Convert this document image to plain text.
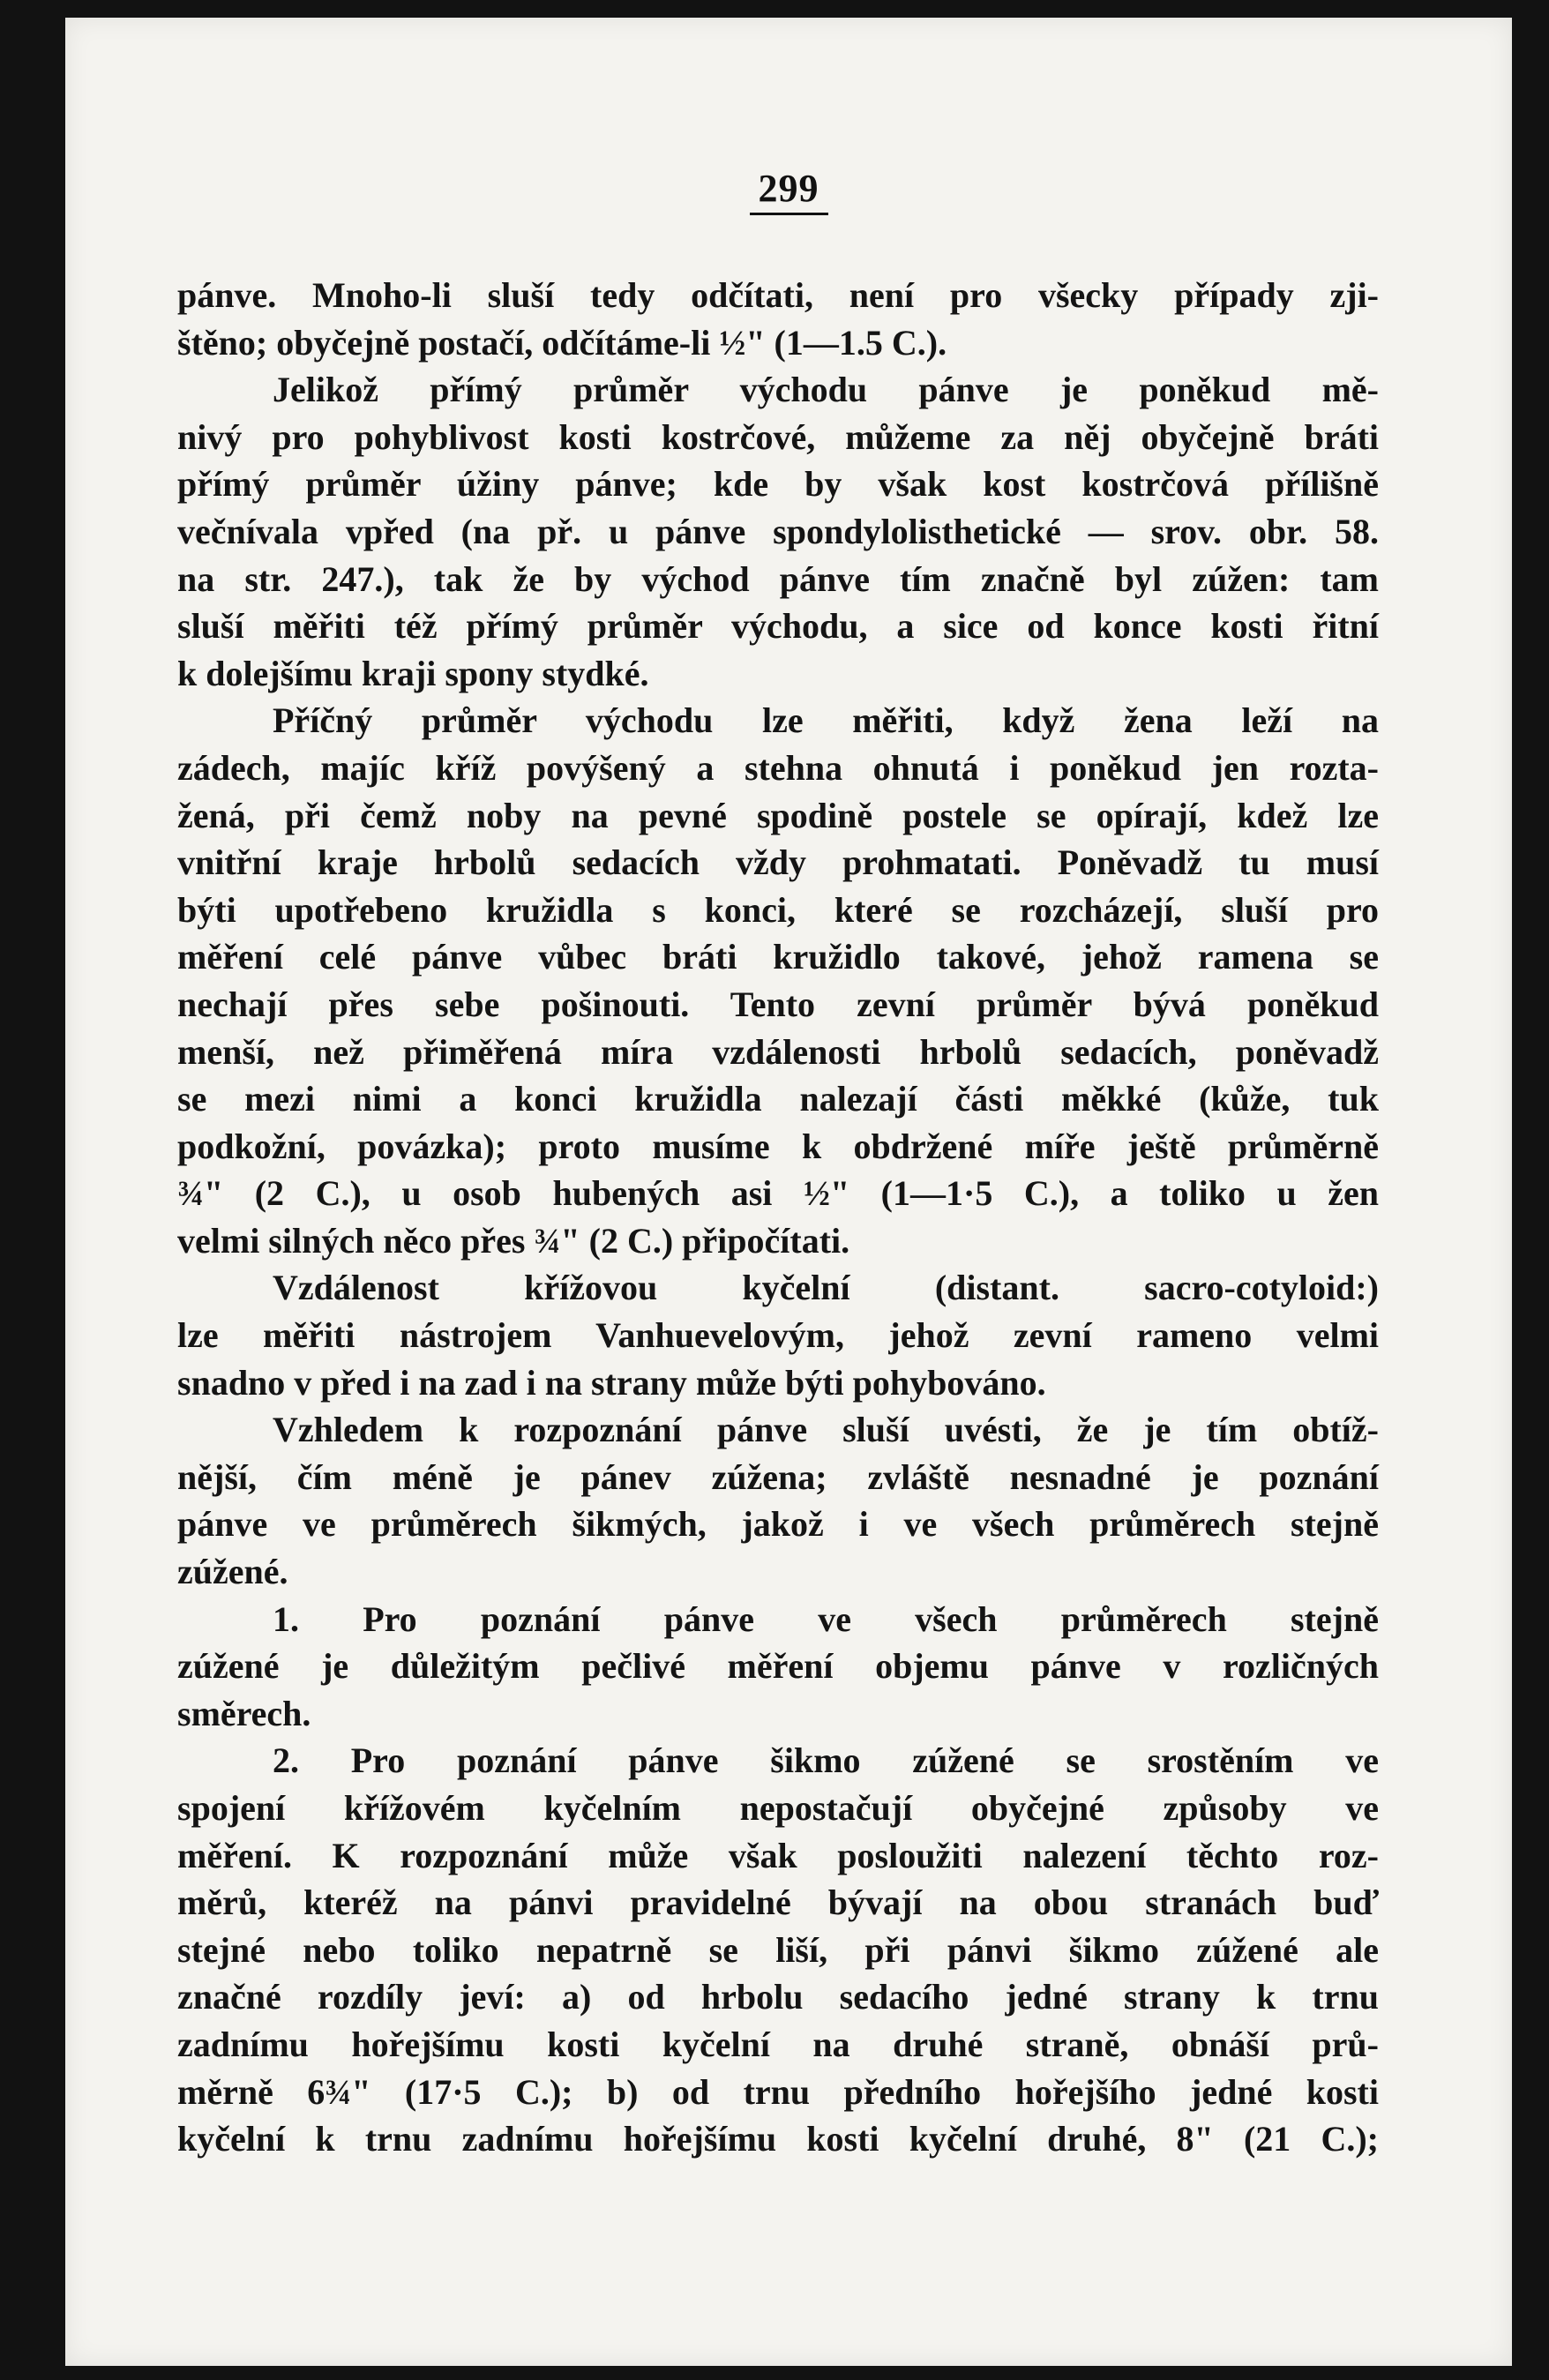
299
pánve. Mnoho-li sluší tedy odčítati, není pro všecky případy zji-
štěno; obyčejně postačí, odčítáme-li ½" (1—1.5 C.).
Jelikož přímý průměr východu pánve je poněkud mě-
nivý pro pohyblivost kosti kostrčové, můžeme za něj obyčejně bráti
přímý průměr úžiny pánve; kde by však kost kostrčová přílišně
večnívala vpřed (na př. u pánve spondylolisthetické — srov. obr. 58.
na str. 247.), tak že by východ pánve tím značně byl zúžen: tam
sluší měřiti též přímý průměr východu, a sice od konce kosti řitní
k dolejšímu kraji spony stydké.
Příčný průměr východu lze měřiti, když žena leží na
zádech, majíc kříž povýšený a stehna ohnutá i poněkud jen rozta-
žená, při čemž noby na pevné spodině postele se opírají, kdež lze
vnitřní kraje hrbolů sedacích vždy prohmatati. Poněvadž tu musí
býti upotřebeno kružidla s konci, které se rozcházejí, sluší pro
měření celé pánve vůbec bráti kružidlo takové, jehož ramena se
nechají přes sebe pošinouti. Tento zevní průměr bývá poněkud
menší, než přiměřená míra vzdálenosti hrbolů sedacích, poněvadž
se mezi nimi a konci kružidla nalezají části měkké (kůže, tuk
podkožní, povázka); proto musíme k obdržené míře ještě průměrně
¾" (2 C.), u osob hubených asi ½" (1—1·5 C.), a toliko u žen
velmi silných něco přes ¾" (2 C.) připočítati.
Vzdálenost křížovou kyčelní (distant. sacro-cotyloid:)
lze měřiti nástrojem Vanhuevelovým, jehož zevní rameno velmi
snadno v před i na zad i na strany může býti pohybováno.
Vzhledem k rozpoznání pánve sluší uvésti, že je tím obtíž-
nější, čím méně je pánev zúžena; zvláště nesnadné je poznání
pánve ve průměrech šikmých, jakož i ve všech průměrech stejně
zúžené.
1. Pro poznání pánve ve všech průměrech stejně
zúžené je důležitým pečlivé měření objemu pánve v rozličných
směrech.
2. Pro poznání pánve šikmo zúžené se srostěním ve
spojení křížovém kyčelním nepostačují obyčejné způsoby ve
měření. K rozpoznání může však posloužiti nalezení těchto roz-
měrů, kteréž na pánvi pravidelné bývají na obou stranách buď
stejné nebo toliko nepatrně se liší, při pánvi šikmo zúžené ale
značné rozdíly jeví: a) od hrbolu sedacího jedné strany k trnu
zadnímu hořejšímu kosti kyčelní na druhé straně, obnáší prů-
měrně 6¾" (17·5 C.); b) od trnu předního hořejšího jedné kosti
kyčelní k trnu zadnímu hořejšímu kosti kyčelní druhé, 8" (21 C.);
